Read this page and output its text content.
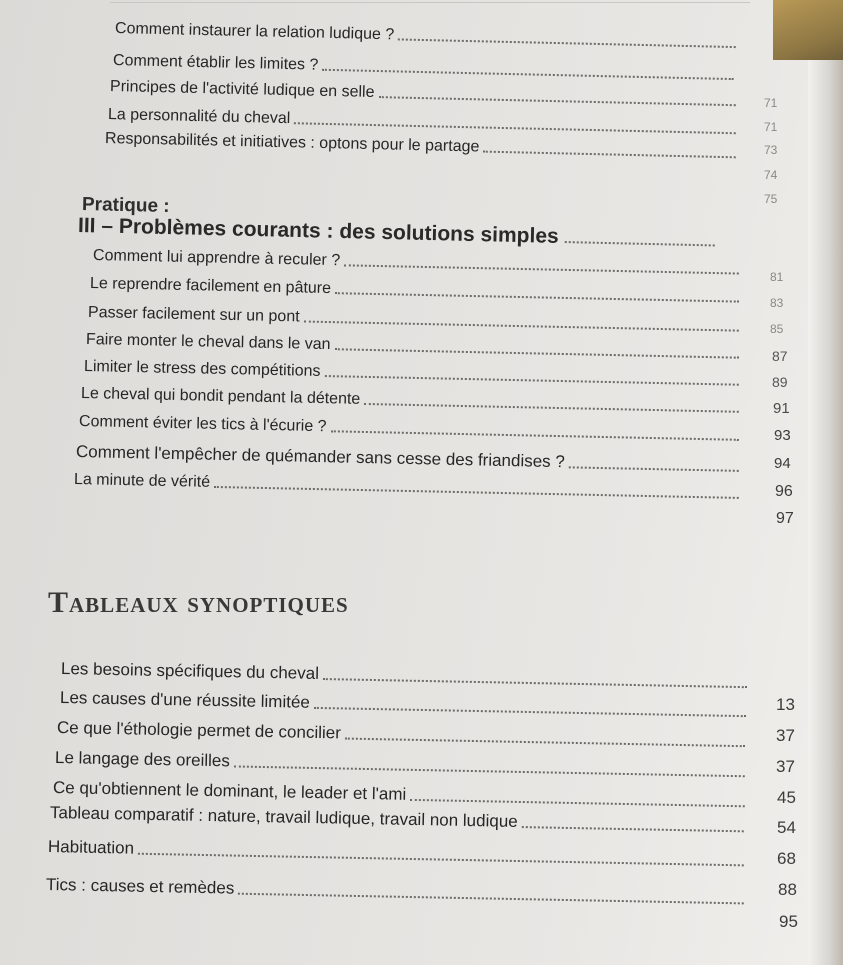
Comment instaurer la relation ludique ?
Comment établir les limites ?
Principes de l'activité ludique en selle
La personnalité du cheval
Responsabilités et initiatives : optons pour le partage
71
71
73
74
75
Pratique :
III – Problèmes courants : des solutions simples
Comment lui apprendre à reculer ?
Le reprendre facilement en pâture
Passer facilement sur un pont
Faire monter le cheval dans le van
Limiter le stress des compétitions
Le cheval qui bondit pendant la détente
Comment éviter les tics à l'écurie ?
Comment l'empêcher de quémander sans cesse des friandises ?
La minute de vérité
81
83
85
87
89
91
93
94
96
97
Tableaux synoptiques
Les besoins spécifiques du cheval
Les causes d'une réussite limitée
Ce que l'éthologie permet de concilier
Le langage des oreilles
Ce qu'obtiennent le dominant, le leader et l'ami
Tableau comparatif : nature, travail ludique, travail non ludique
Habituation
Tics : causes et remèdes
13
37
37
45
54
68
88
95
